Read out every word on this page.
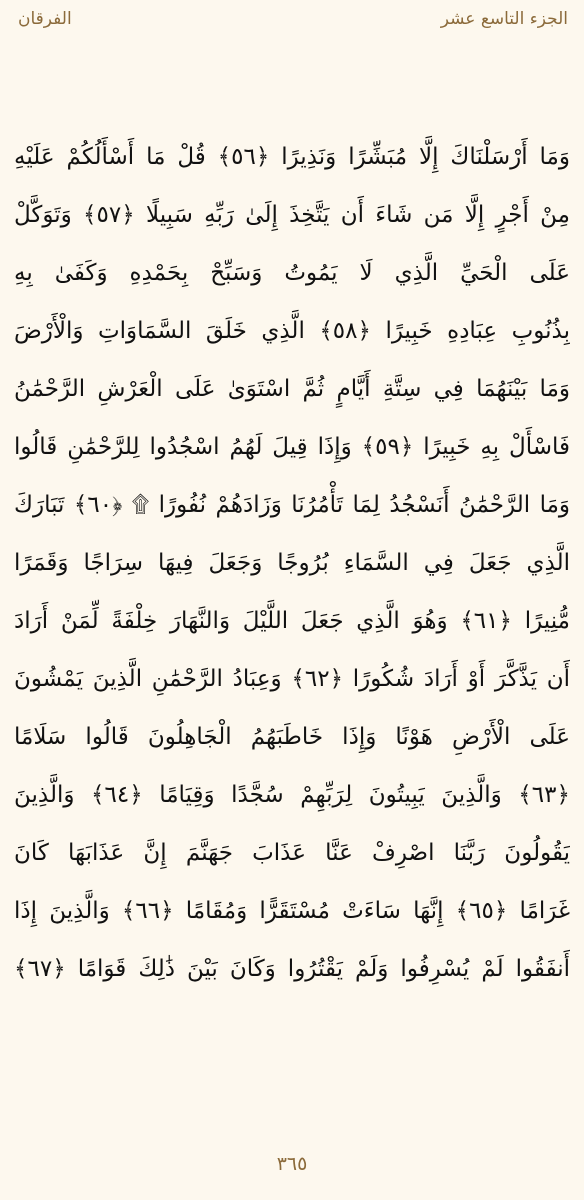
الجزء التاسع عشر
الفرقان
وَمَا أَرْسَلْنَاكَ إِلَّا مُبَشِّرًا وَنَذِيرًا ﴿٥٦﴾ قُلْ مَا أَسْأَلُكُمْ عَلَيْهِ
مِنْ أَجْرٍ إِلَّا مَن شَاءَ أَن يَتَّخِذَ إِلَىٰ رَبِّهِ سَبِيلًا ﴿٥٧﴾ وَتَوَكَّلْ
عَلَى الْحَيِّ الَّذِي لَا يَمُوتُ وَسَبِّحْ بِحَمْدِهِ وَكَفَىٰ بِهِ
بِذُنُوبِ عِبَادِهِ خَبِيرًا ﴿٥٨﴾ الَّذِي خَلَقَ السَّمَاوَاتِ وَالْأَرْضَ
وَمَا بَيْنَهُمَا فِي سِتَّةِ أَيَّامٍ ثُمَّ اسْتَوَىٰ عَلَى الْعَرْشِ الرَّحْمَٰنُ
فَاسْأَلْ بِهِ خَبِيرًا ﴿٥٩﴾ وَإِذَا قِيلَ لَهُمُ اسْجُدُوا لِلرَّحْمَٰنِ قَالُوا
وَمَا الرَّحْمَٰنُ أَنَسْجُدُ لِمَا تَأْمُرُنَا وَزَادَهُمْ نُفُورًا ۩ ﴿٦٠﴾ تَبَارَكَ
الَّذِي جَعَلَ فِي السَّمَاءِ بُرُوجًا وَجَعَلَ فِيهَا سِرَاجًا وَقَمَرًا
مُّنِيرًا ﴿٦١﴾ وَهُوَ الَّذِي جَعَلَ اللَّيْلَ وَالنَّهَارَ خِلْفَةً لِّمَنْ أَرَادَ
أَن يَذَّكَّرَ أَوْ أَرَادَ شُكُورًا ﴿٦٢﴾ وَعِبَادُ الرَّحْمَٰنِ الَّذِينَ يَمْشُونَ
عَلَى الْأَرْضِ هَوْنًا وَإِذَا خَاطَبَهُمُ الْجَاهِلُونَ قَالُوا سَلَامًا
﴿٦٣﴾ وَالَّذِينَ يَبِيتُونَ لِرَبِّهِمْ سُجَّدًا وَقِيَامًا ﴿٦٤﴾ وَالَّذِينَ
يَقُولُونَ رَبَّنَا اصْرِفْ عَنَّا عَذَابَ جَهَنَّمَ إِنَّ عَذَابَهَا كَانَ
غَرَامًا ﴿٦٥﴾ إِنَّهَا سَاءَتْ مُسْتَقَرًّا وَمُقَامًا ﴿٦٦﴾ وَالَّذِينَ إِذَا
أَنفَقُوا لَمْ يُسْرِفُوا وَلَمْ يَقْتُرُوا وَكَانَ بَيْنَ ذَٰلِكَ قَوَامًا ﴿٦٧﴾
٣٦٥
